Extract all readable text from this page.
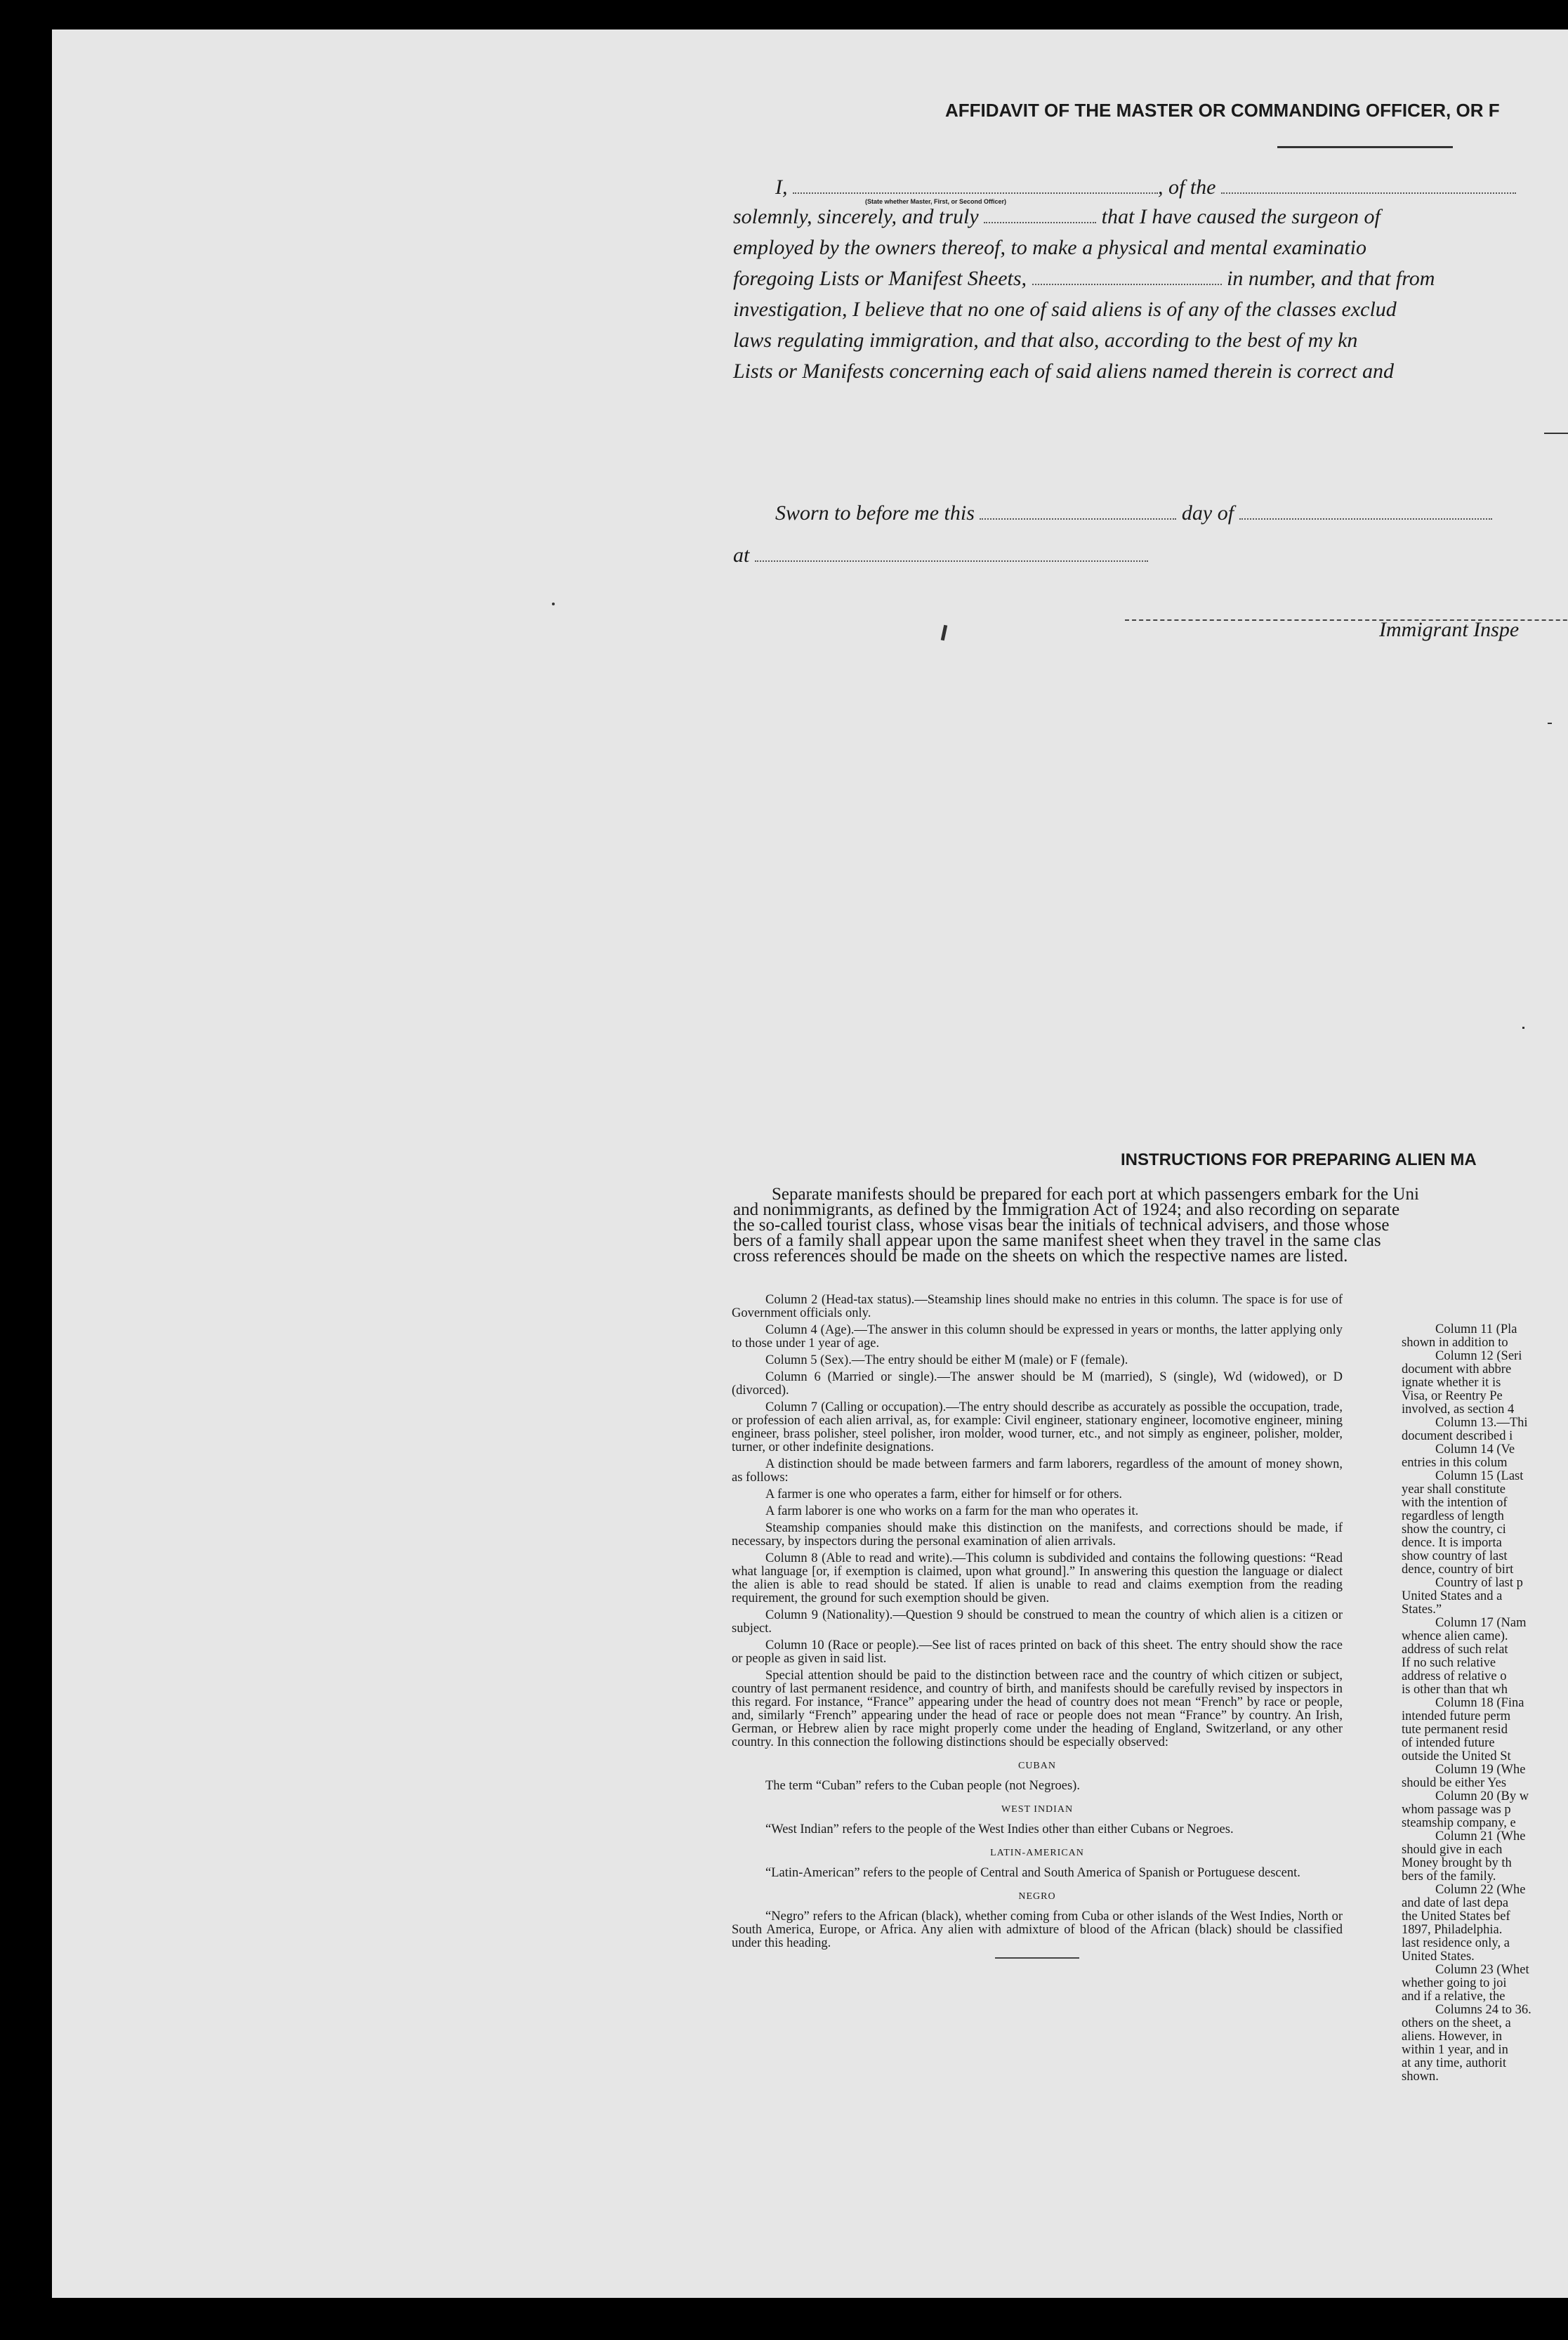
AFFIDAVIT OF THE MASTER OR COMMANDING OFFICER, OR F
I,	, of the
(State whether Master, First, or Second Officer)
solemnly, sincerely, and truly	that I have caused the surgeon of
employed by the owners thereof, to make a physical and mental examinatio
foregoing Lists or Manifest Sheets,	in number, and that from
investigation, I believe that no one of said aliens is of any of the classes exclud
laws regulating immigration, and that also, according to the best of my kn
Lists or Manifests concerning each of said aliens named therein is correct and
Sworn to before me this	day of
at
Immigrant Inspe
INSTRUCTIONS FOR PREPARING ALIEN MA
Separate manifests should be prepared for each port at which passengers embark for the Uni
and nonimmigrants, as defined by the Immigration Act of 1924; and also recording on separate
the so-called tourist class, whose visas bear the initials of technical advisers, and those whose
bers of a family shall appear upon the same manifest sheet when they travel in the same clas
cross references should be made on the sheets on which the respective names are listed.

Column 2 (Head-tax status).—Steamship lines should make no entries in this column. The space is for use of Government officials only.

Column 4 (Age).—The answer in this column should be expressed in years or months, the latter applying only to those under 1 year of age.

Column 5 (Sex).—The entry should be either M (male) or F (female).

Column 6 (Married or single).—The answer should be M (married), S (single), Wd (widowed), or D (divorced).

Column 7 (Calling or occupation).—The entry should describe as accurately as possible the occupation, trade, or profession of each alien arrival, as, for example: Civil engineer, stationary engineer, locomotive engineer, mining engineer, brass polisher, steel polisher, iron molder, wood turner, etc., and not simply as engineer, polisher, molder, turner, or other indefinite designations.

A distinction should be made between farmers and farm laborers, regardless of the amount of money shown, as follows:

A farmer is one who operates a farm, either for himself or for others.

A farm laborer is one who works on a farm for the man who operates it.

Steamship companies should make this distinction on the manifests, and corrections should be made, if necessary, by inspectors during the personal examination of alien arrivals.

Column 8 (Able to read and write).—This column is subdivided and contains the following questions: “Read what language [or, if exemption is claimed, upon what ground].” In answering this question the language or dialect the alien is able to read should be stated. If alien is unable to read and claims exemption from the reading requirement, the ground for such exemption should be given.

Column 9 (Nationality).—Question 9 should be construed to mean the country of which alien is a citizen or subject.

Column 10 (Race or people).—See list of races printed on back of this sheet. The entry should show the race or people as given in said list.

Special attention should be paid to the distinction between race and the country of which citizen or subject, country of last permanent residence, and country of birth, and manifests should be carefully revised by inspectors in this regard. For instance, “France” appearing under the head of country does not mean “French” by race or people, and, similarly “French” appearing under the head of race or people does not mean “France” by country. An Irish, German, or Hebrew alien by race might properly come under the heading of England, Switzerland, or any other country. In this connection the following distinctions should be especially observed:

CUBAN

The term “Cuban” refers to the Cuban people (not Negroes).

WEST INDIAN

“West Indian” refers to the people of the West Indies other than either Cubans or Negroes.

LATIN-AMERICAN

“Latin-American” refers to the people of Central and South America of Spanish or Portuguese descent.

NEGRO

“Negro” refers to the African (black), whether coming from Cuba or other islands of the West Indies, North or South America, Europe, or Africa. Any alien with admixture of blood of the African (black) should be classified under this heading.

Column 11 (Pla
shown in addition to
Column 12 (Seri
document with abbre
ignate whether it is
Visa, or Reentry Pe
involved, as section 4
Column 13.—Thi
document described i
Column 14 (Ve
entries in this colum
Column 15 (Last
year shall constitute
with the intention of
regardless of length
show the country, ci
dence. It is importa
show country of last
dence, country of birt
Country of last p
United States and a
States.”
Column 17 (Nam
whence alien came).
address of such relat
If no such relative
address of relative o
is other than that wh
Column 18 (Fina
intended future perm
tute permanent resid
of intended future
outside the United St
Column 19 (Whe
should be either Yes
Column 20 (By w
whom passage was p
steamship company, e
Column 21 (Whe
should give in each
Money brought by th
bers of the family.
Column 22 (Whe
and date of last depa
the United States bef
1897, Philadelphia.
last residence only, a
United States.
Column 23 (Whet
whether going to joi
and if a relative, the
Columns 24 to 36.
others on the sheet, a
aliens. However, in
within 1 year, and in
at any time, authorit
shown.
